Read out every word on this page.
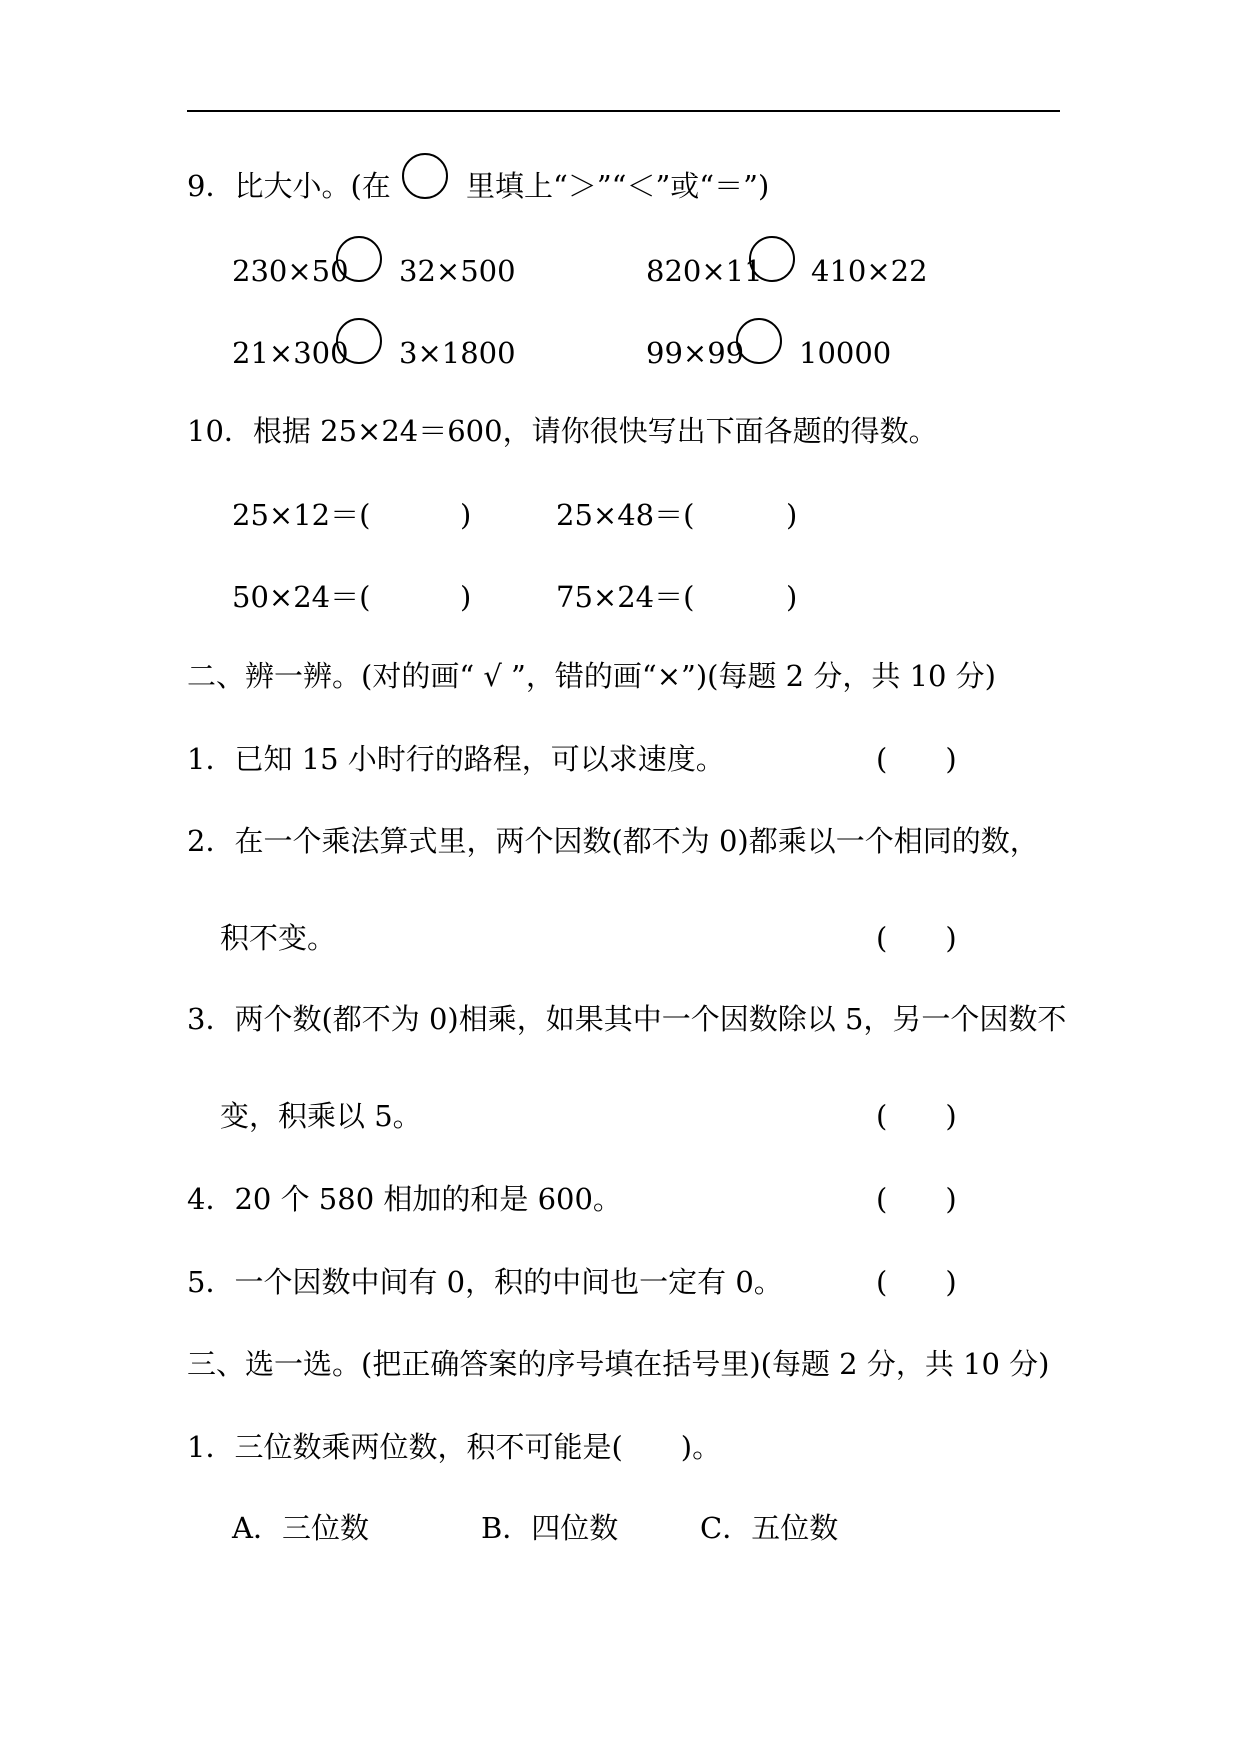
9．比大小。(在	里填上“＞”“＜”或“＝”)
230×50 32×500	820×11 410×22
21×300 3×1800	99×99 10000
10．根据 25×24＝600，请你很快写出下面各题的得数。
25×12＝(	)	25×48＝(	)
50×24＝(	)	75×24＝(	)
二、辨一辨。(对的画“ √ ”，错的画“×”)(每题 2 分，共 10 分)
1．已知 15 小时行的路程，可以求速度。	(　　)
2．在一个乘法算式里，两个因数(都不为 0)都乘以一个相同的数，
积不变。	(　　)
3．两个数(都不为 0)相乘，如果其中一个因数除以 5，另一个因数不
变，积乘以 5。	(　　)
4．20 个 580 相加的和是 600。	(　　)
5．一个因数中间有 0，积的中间也一定有 0。	(　　)
三、选一选。(把正确答案的序号填在括号里)(每题 2 分，共 10 分)
1．三位数乘两位数，积不可能是(　　)。
A．三位数	B．四位数	C．五位数
